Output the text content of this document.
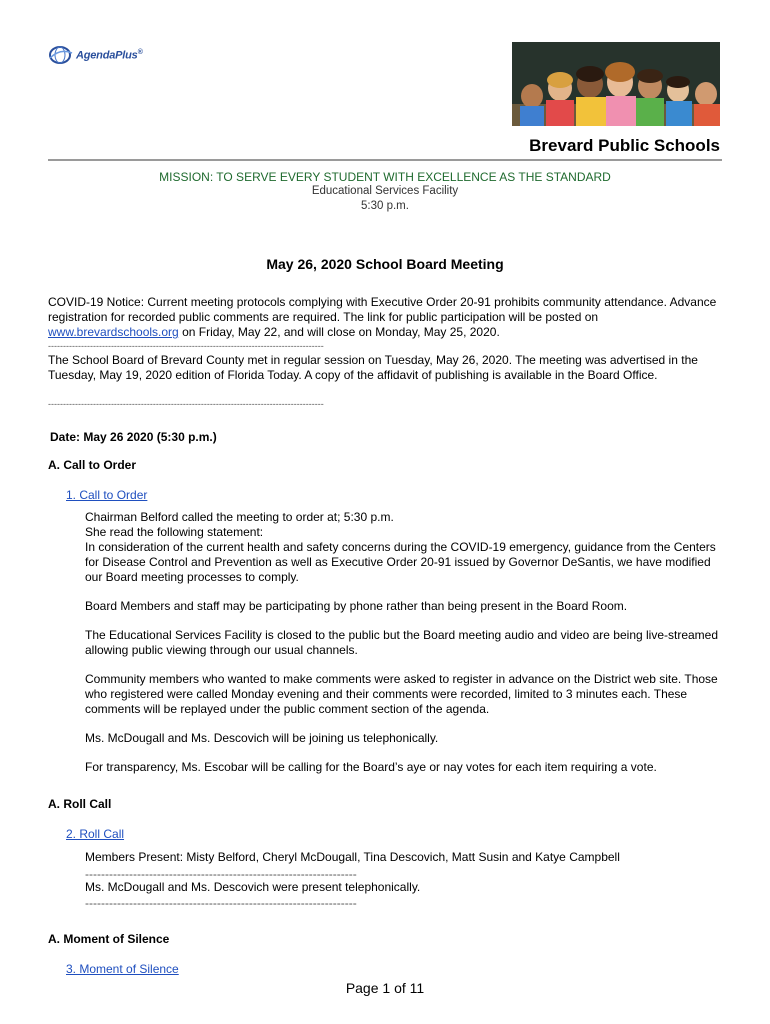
AgendaPlus®
Brevard Public Schools
MISSION: TO SERVE EVERY STUDENT WITH EXCELLENCE AS THE STANDARD
Educational Services Facility
5:30 p.m.
May 26, 2020 School Board Meeting
COVID-19 Notice: Current meeting protocols complying with Executive Order 20-91 prohibits community attendance. Advance registration for recorded public comments are required. The link for public participation will be posted on www.brevardschools.org on Friday, May 22, and will close on Monday, May 25, 2020.
--------------------------------------------------------------------------------------------
The School Board of Brevard County met in regular session on Tuesday, May 26, 2020. The meeting was advertised in the Tuesday, May 19, 2020 edition of Florida Today. A copy of the affidavit of publishing is available in the Board Office.
--------------------------------------------------------------------------------------------
Date: May 26 2020 (5:30 p.m.)
A. Call to Order
1. Call to Order

Chairman Belford called the meeting to order at; 5:30 p.m.
She read the following statement:
In consideration of the current health and safety concerns during the COVID-19 emergency, guidance from the Centers for Disease Control and Prevention as well as Executive Order 20-91 issued by Governor DeSantis, we have modified our Board meeting processes to comply.

Board Members and staff may be participating by phone rather than being present in the Board Room.

The Educational Services Facility is closed to the public but the Board meeting audio and video are being live-streamed allowing public viewing through our usual channels.

Community members who wanted to make comments were asked to register in advance on the District web site. Those who registered were called Monday evening and their comments were recorded, limited to 3 minutes each. These comments will be replayed under the public comment section of the agenda.

Ms. McDougall and Ms. Descovich will be joining us telephonically.

For transparency, Ms. Escobar will be calling for the Board’s aye or nay votes for each item requiring a vote.

A. Roll Call
2. Roll Call
Members Present: Misty Belford, Cheryl McDougall, Tina Descovich, Matt Susin and Katye Campbell
--------------------------------------------------------------------
Ms. McDougall and Ms. Descovich were present telephonically.
--------------------------------------------------------------------
A. Moment of Silence
3. Moment of Silence
Page 1 of 11
